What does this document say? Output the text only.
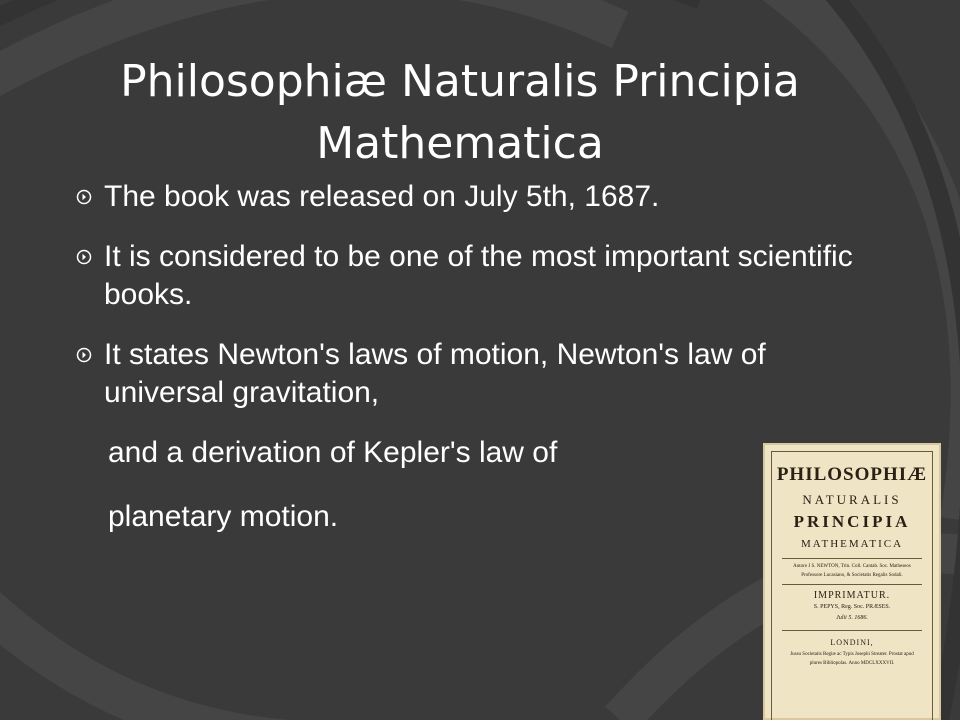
Philosophiæ Naturalis Principia Mathematica
The book was released on July 5th, 1687.
It is considered to be one of the most important scientific books.
It states Newton's laws of motion, Newton's law of universal gravitation,
and a derivation of Kepler's law of
planetary motion.
PHILOSOPHIÆ
NATURALIS
PRINCIPIA
MATHEMATICA
Autore J S. NEWTON, Trin. Coll. Cantab. Soc. Matheseos
Professore Lucasiano, & Societatis Regalis Sodali.
IMPRIMATUR.
S. PEPYS, Reg. Soc. PRÆSES.
Julii 5. 1686.
LONDINI,
Jussu Societatis Regiæ ac Typis Josephi Streater. Prostat apud
plures Bibliopolas. Anno MDCLXXXVII.
